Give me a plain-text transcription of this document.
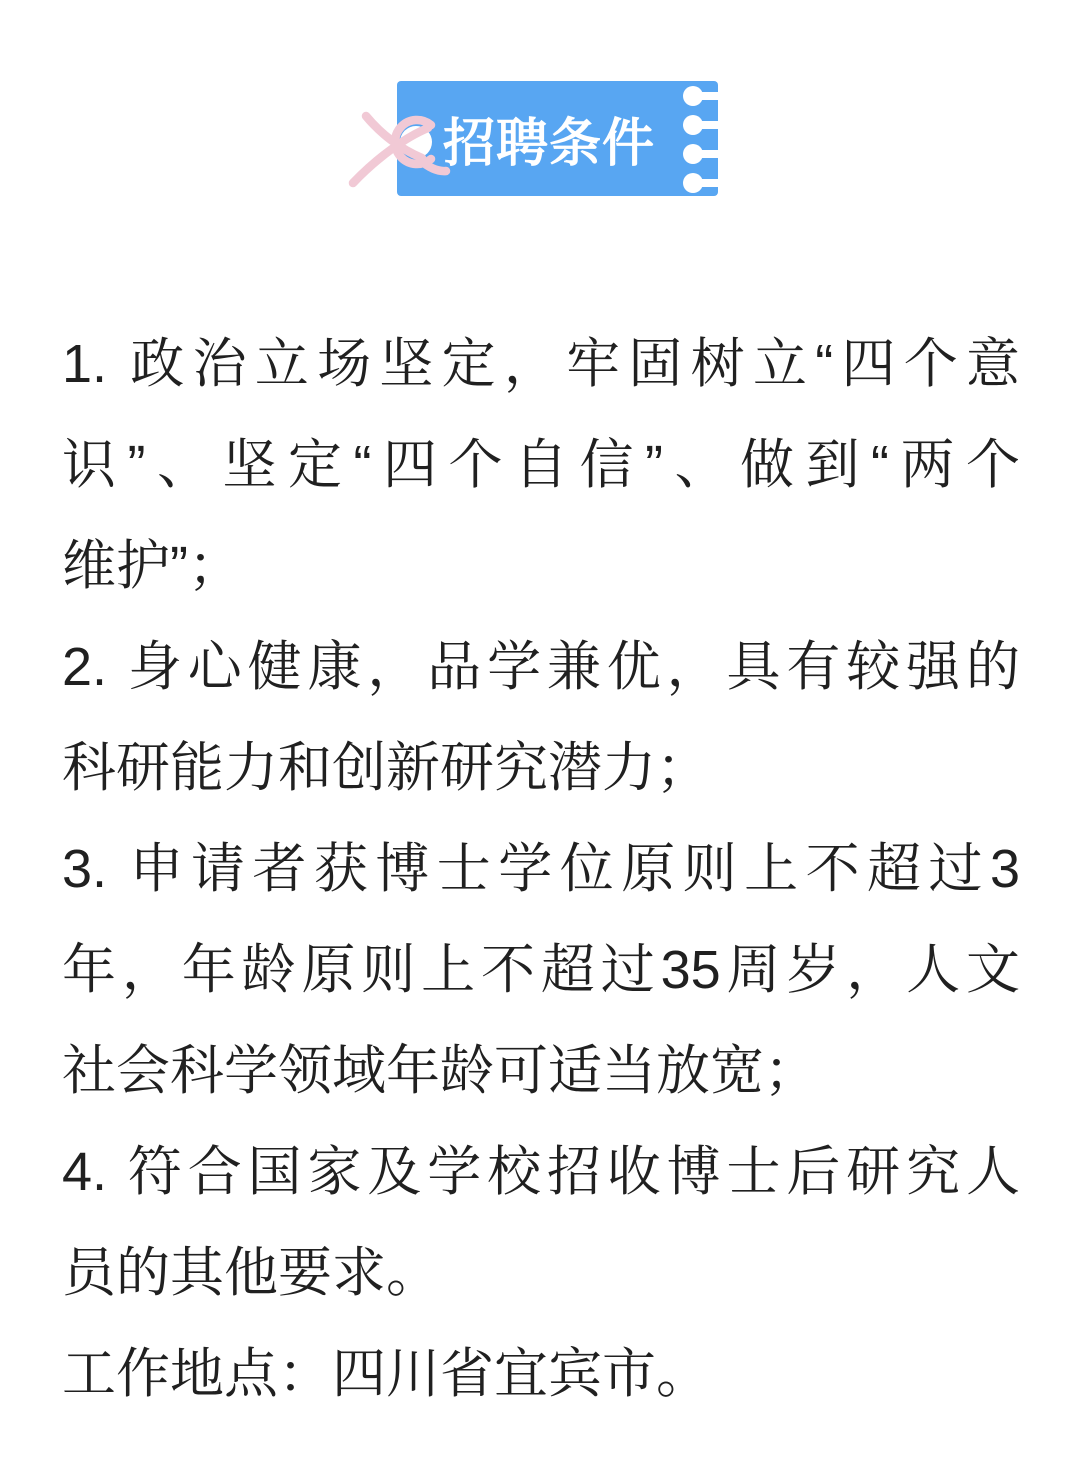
招聘条件
1. 政治立场坚定，牢固树立“四个意
识”、坚定“四个自信”、做到“两个
维护”；
2. 身心健康，品学兼优，具有较强的
科研能力和创新研究潜力；
3. 申请者获博士学位原则上不超过3
年，年龄原则上不超过35周岁，人文
社会科学领域年龄可适当放宽；
4. 符合国家及学校招收博士后研究人
员的其他要求。
工作地点：四川省宜宾市。
